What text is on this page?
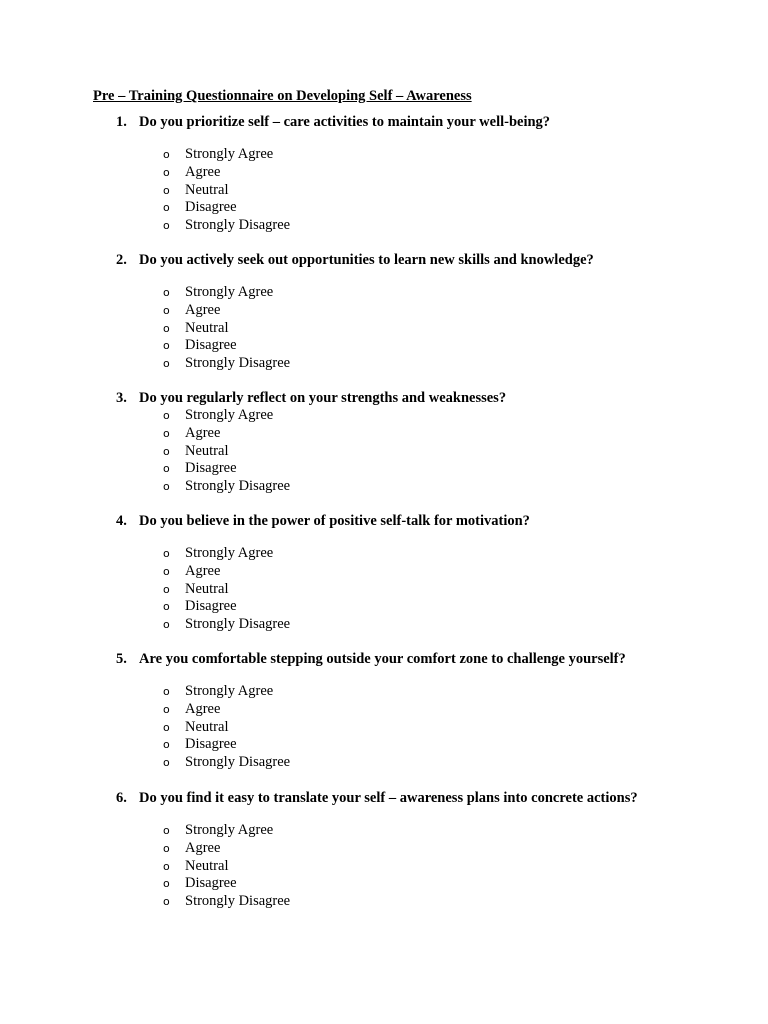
Pre – Training Questionnaire on Developing Self – Awareness
1. Do you prioritize self – care activities to maintain your well-being?
o Strongly Agree
o Agree
o Neutral
o Disagree
o Strongly Disagree
2. Do you actively seek out opportunities to learn new skills and knowledge?
o Strongly Agree
o Agree
o Neutral
o Disagree
o Strongly Disagree
3. Do you regularly reflect on your strengths and weaknesses?
o Strongly Agree
o Agree
o Neutral
o Disagree
o Strongly Disagree
4. Do you believe in the power of positive self-talk for motivation?
o Strongly Agree
o Agree
o Neutral
o Disagree
o Strongly Disagree
5. Are you comfortable stepping outside your comfort zone to challenge yourself?
o Strongly Agree
o Agree
o Neutral
o Disagree
o Strongly Disagree
6. Do you find it easy to translate your self – awareness plans into concrete actions?
o Strongly Agree
o Agree
o Neutral
o Disagree
o Strongly Disagree
